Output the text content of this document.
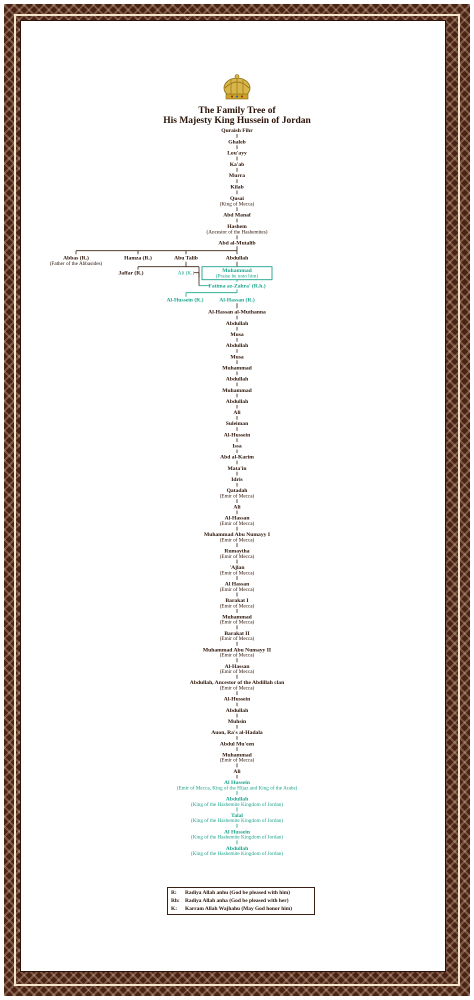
The Family Tree of
His Majesty King Hussein of Jordan
Quraish Fihr
Ghaleb
Lou'ayy
Ka'ab
Murra
Kilab
Qusai
(King of Mecca)
Abd Manaf
Hashem
(Ancestor of the Hashemites)
Abd al-Mutalib
Abbas (R.)
(Father of the Abbasides)
Hamza (R.)	Abu Talib	Abdullah
Jaffar (R.)	Ali (K.)	Muhammad
(Praise be unto him)
Fatima az-Zahra' (R.h.)
Al-Hussein (R.)	Al-Hassan (R.)
Al-Hassan al-Muthanna
Abdullah
Musa
Abdullah
Musa
Muhammad
Abdullah
Muhammad
Abdullah
Ali
Suleiman
Al-Hussein
Issa
Abd al-Karim
Mata'in
Idris
Qatadah
(Emir of Mecca)
Ali
Al-Hassan
(Emir of Mecca)
Muhammad Abu Numayy I
(Emir of Mecca)
Rumaytha
(Emir of Mecca)
'Ajlan
(Emir of Mecca)
Al Hassan
(Emir of Mecca)
Barakat I
(Emir of Mecca)
Muhammad
(Emir of Mecca)
Barakat II
(Emir of Mecca)
Muhammad Abu Numayy II
(Emir of Mecca)
Al-Hassan
(Emir of Mecca)
Abdullah, Ancestor of the Abdillah clan
(Emir of Mecca)
Al-Hussein
Abdullah
Muhsin
Auon, Ra's al-Hadala
Abdul Mu'een
Muhammad
(Emir of Mecca)
Ali
Al Hussein
(Emir of Mecca, King of the Hijaz and King of the Arabs)
Abdullah
(King of the Hashemite Kingdom of Jordan)
Talal
(King of the Hashemite Kingdom of Jordan)
Al Hussein
(King of the Hashemite Kingdom of Jordan)
Abdullah
(King of the Hashemite Kingdom of Jordan)
R: Radiya Allah anhu (God be pleased with him)
Rh: Radiya Allah anha (God be pleased with her)
K: Karram Allah Wajhahu (May God honor him)
